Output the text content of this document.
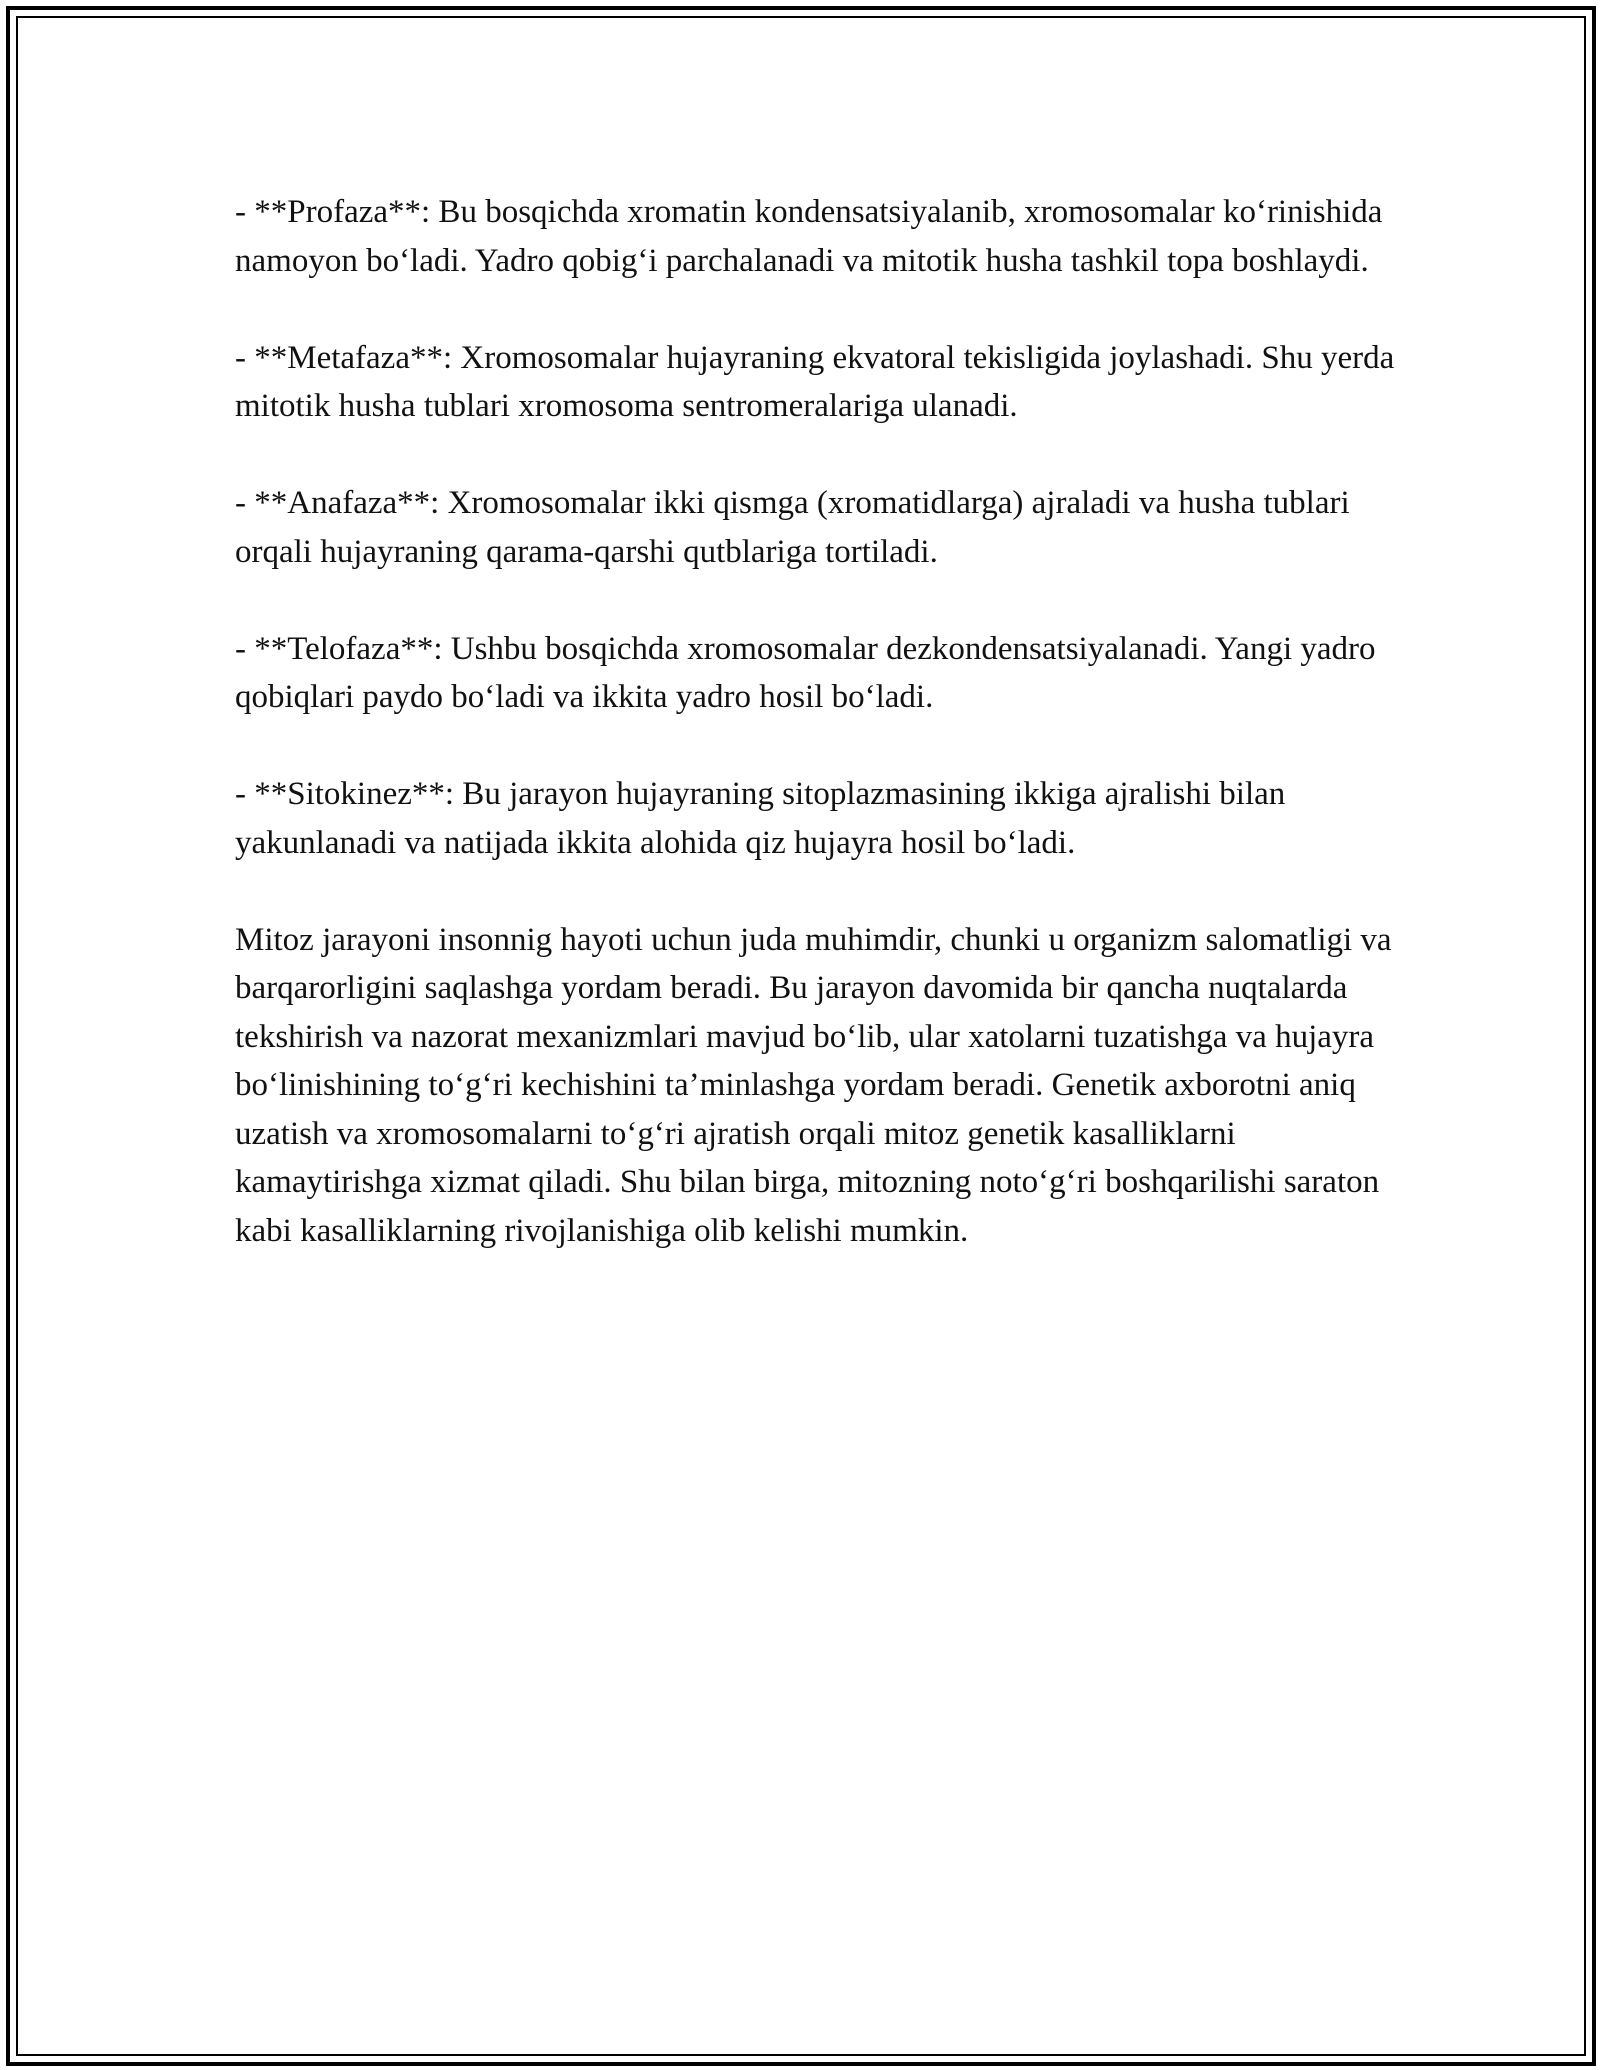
- **Profaza**: Bu bosqichda xromatin kondensatsiyalanib, xromosomalar ko‘rinishida namoyon bo‘ladi. Yadro qobig‘i parchalanadi va mitotik husha tashkil topa boshlaydi.

- **Metafaza**: Xromosomalar hujayraning ekvatoral tekisligida joylashadi. Shu yerda mitotik husha tublari xromosoma sentromeralariga ulanadi.

- **Anafaza**: Xromosomalar ikki qismga (xromatidlarga) ajraladi va husha tublari orqali hujayraning qarama-qarshi qutblariga tortiladi.

- **Telofaza**: Ushbu bosqichda xromosomalar dezkondensatsiyalanadi. Yangi yadro qobiqlari paydo bo‘ladi va ikkita yadro hosil bo‘ladi.

- **Sitokinez**: Bu jarayon hujayraning sitoplazmasining ikkiga ajralishi bilan yakunlanadi va natijada ikkita alohida qiz hujayra hosil bo‘ladi.

Mitoz jarayoni insonnig hayoti uchun juda muhimdir, chunki u organizm salomatligi va barqarorligini saqlashga yordam beradi. Bu jarayon davomida bir qancha nuqtalarda tekshirish va nazorat mexanizmlari mavjud bo‘lib, ular xatolarni tuzatishga va hujayra bo‘linishining to‘g‘ri kechishini ta’minlashga yordam beradi. Genetik axborotni aniq uzatish va xromosomalarni to‘g‘ri ajratish orqali mitoz genetik kasalliklarni kamaytirishga xizmat qiladi. Shu bilan birga, mitozning noto‘g‘ri boshqarilishi saraton kabi kasalliklarning rivojlanishiga olib kelishi mumkin.
